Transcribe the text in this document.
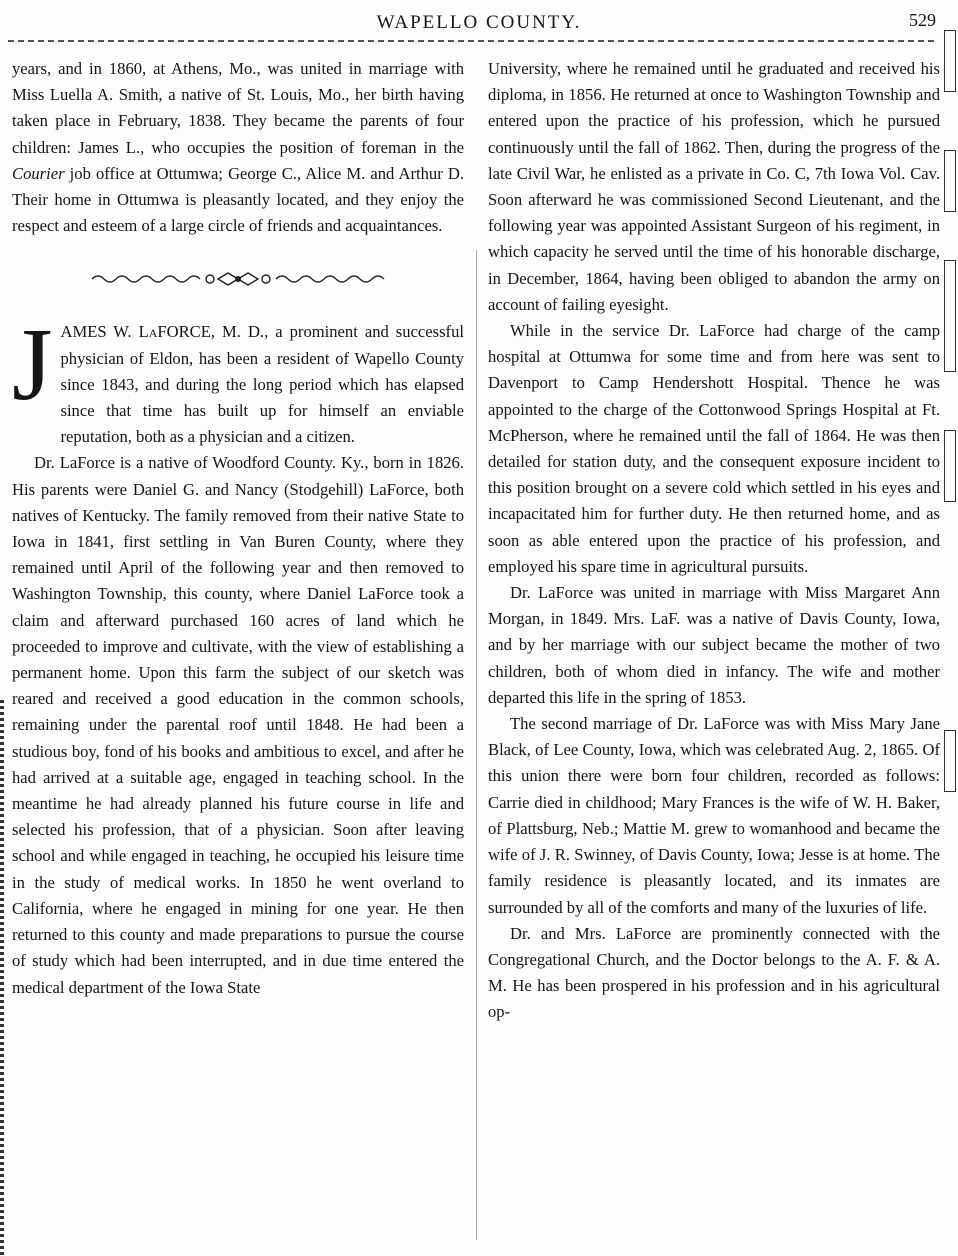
WAPELLO COUNTY.	529

years, and in 1860, at Athens, Mo., was united in marriage with Miss Luella A. Smith, a native of St. Louis, Mo., her birth having taken place in February, 1838. They became the parents of four children: James L., who occupies the position of foreman in the Courier job office at Ottumwa; George C., Alice M. and Arthur D. Their home in Ottumwa is pleasantly located, and they enjoy the respect and esteem of a large circle of friends and acquaintances.

JAMES W. LaFORCE, M. D., a prominent and successful physician of Eldon, has been a resident of Wapello County since 1843, and during the long period which has elapsed since that time has built up for himself an enviable reputation, both as a physician and a citizen.

Dr. LaForce is a native of Woodford County. Ky., born in 1826. His parents were Daniel G. and Nancy (Stodgehill) LaForce, both natives of Kentucky. The family removed from their native State to Iowa in 1841, first settling in Van Buren County, where they remained until April of the following year and then removed to Washington Township, this county, where Daniel LaForce took a claim and afterward purchased 160 acres of land which he proceeded to improve and cultivate, with the view of establishing a permanent home. Upon this farm the subject of our sketch was reared and received a good education in the common schools, remaining under the parental roof until 1848. He had been a studious boy, fond of his books and ambitious to excel, and after he had arrived at a suitable age, engaged in teaching school. In the meantime he had already planned his future course in life and selected his profession, that of a physician. Soon after leaving school and while engaged in teaching, he occupied his leisure time in the study of medical works. In 1850 he went overland to California, where he engaged in mining for one year. He then returned to this county and made preparations to pursue the course of study which had been interrupted, and in due time entered the medical department of the Iowa State

University, where he remained until he graduated and received his diploma, in 1856. He returned at once to Washington Township and entered upon the practice of his profession, which he pursued continuously until the fall of 1862. Then, during the progress of the late Civil War, he enlisted as a private in Co. C, 7th Iowa Vol. Cav. Soon afterward he was commissioned Second Lieutenant, and the following year was appointed Assistant Surgeon of his regiment, in which capacity he served until the time of his honorable discharge, in December, 1864, having been obliged to abandon the army on account of failing eyesight.

While in the service Dr. LaForce had charge of the camp hospital at Ottumwa for some time and from here was sent to Davenport to Camp Hendershott Hospital. Thence he was appointed to the charge of the Cottonwood Springs Hospital at Ft. McPherson, where he remained until the fall of 1864. He was then detailed for station duty, and the consequent exposure incident to this position brought on a severe cold which settled in his eyes and incapacitated him for further duty. He then returned home, and as soon as able entered upon the practice of his profession, and employed his spare time in agricultural pursuits.

Dr. LaForce was united in marriage with Miss Margaret Ann Morgan, in 1849. Mrs. LaF. was a native of Davis County, Iowa, and by her marriage with our subject became the mother of two children, both of whom died in infancy. The wife and mother departed this life in the spring of 1853.

The second marriage of Dr. LaForce was with Miss Mary Jane Black, of Lee County, Iowa, which was celebrated Aug. 2, 1865. Of this union there were born four children, recorded as follows: Carrie died in childhood; Mary Frances is the wife of W. H. Baker, of Plattsburg, Neb.; Mattie M. grew to womanhood and became the wife of J. R. Swinney, of Davis County, Iowa; Jesse is at home. The family residence is pleasantly located, and its inmates are surrounded by all of the comforts and many of the luxuries of life.

Dr. and Mrs. LaForce are prominently connected with the Congregational Church, and the Doctor belongs to the A. F. & A. M. He has been prospered in his profession and in his agricultural op-
